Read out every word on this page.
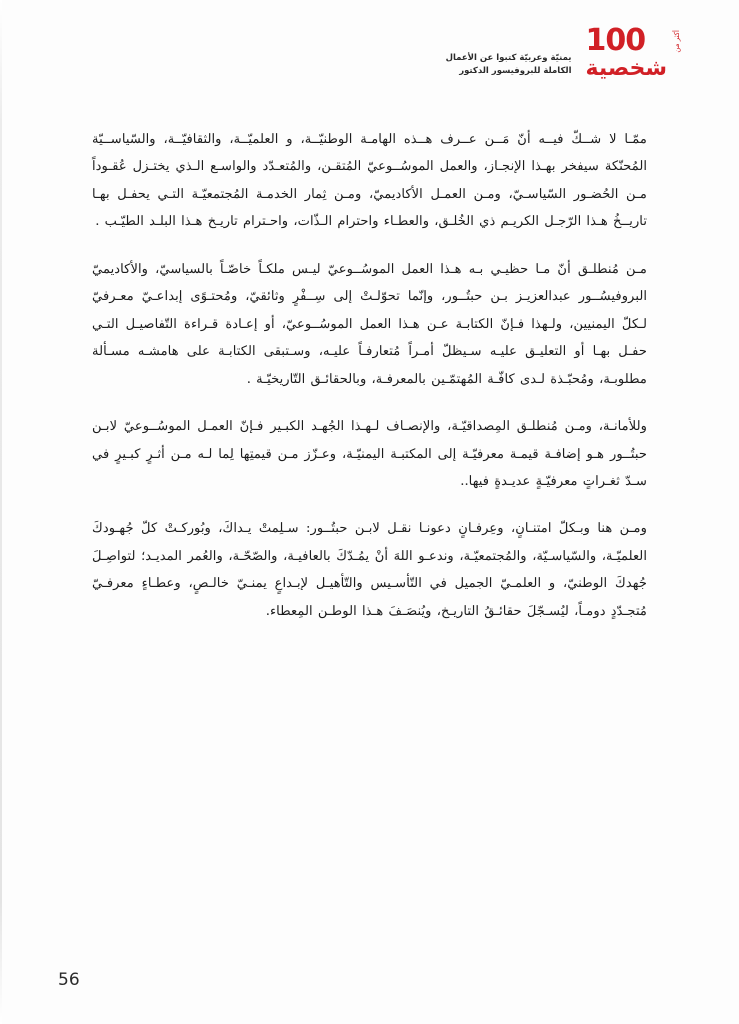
100
شخصية
أكثر من
يمنيّة وعربيّة كتبوا عن الأعمال
الكاملة للبروفيسور الدكتور

ممّـا لا شــكّ فيــه أنّ مَــن عــرف هــذه الهامـة الوطنيّــة، و العلميّــة، والثقافيّــة، والسّياســيّة المُحنّكة سيفخر بهـذا الإنجـاز، والعمل الموسُــوعيّ المُتقـن، والمُتعـدّد والواسـع الـذي يختـزل عُقـوداً مـن الحُضـور السّياسـيّ، ومـن العمـل الأكاديميّ، ومـن ثِمار الخدمـة المُجتمعيّـة التـي يحفـل بهـا تاريــخُ هـذا الرّجـل الكريـم ذي الخُلـق، والعطـاء واحترام الـذّات، واحـترام تاريـخ هـذا البلـد الطيّـب .

مـن مُنطلـق أنّ مـا حظيـي بـه هـذا العمل الموسُــوعيّ ليـس ملكـاً خاصّـاً بالسياسيّ، والأكاديميّ البروفيسُــور عبدالعزيـز بـن حبتُــور، وإنّما تحوّلـتْ إلى سِــفْرٍ وثائقيّ، ومُحتـوًى إبداعـيّ معـرفيّ لـكلّ اليمنيين، ولـهذا فـإنّ الكتابـة عـن هـذا العمل الموسُــوعيّ، أو إعـادة قـراءة التّفاصيـل التـي حفـل بهـا أو التعليـق عليـه سـيظلّ أمـراً مُتعارفـاً عليـه، وسـتبقى الكتابـة على هامشـه مسـألة مطلوبـة، ومُحبّـذة لـدى كافّـة المُهتمّـين بالمعرفـة، وبالحقائـق التّاريخيّـة .

وللأمانـة، ومـن مُنطلـق المِصداقيّـة، والإنصـاف لـهـذا الجُهـد الكبـير فـإنّ العمـل الموسُــوعيّ لابـن حبتُــور هـو إضافـة قيمـة معرفيّـة إلى المكتبـة اليمنيّـة، وعـزّز مـن قيمتِها لِما لـه مـن أثـرٍ كبـيرٍ في سـدّ ثغـراتٍ معرفيّـةٍ عديـدةٍ فيها..

ومـن هنا وبـكلّ امتنـانٍ، وعِرفـانٍ دعونـا نقـل لابـن حبتُــور: سـلِمتْ يـداكَ، وبُوركـتْ كلّ جُهـودكَ العلميّـة، والسّياسـيّة، والمُجتمعيّـة، وندعـو اللهَ أنْ يمُـدّكَ بالعافيـة، والصّحّـة، والعُمر المديـد؛ لتواصِـلَ جُهدكَ الوطنيّ، و العلمـيّ الجميل في التّأسـيس والتّأهيـل لإبـداعٍ يمنـيّ خالـصٍ، وعطـاءٍ معرفـيّ مُتجـدّدٍ دومـاً، ليُسـجّلَ حقائـقُ التاريـخ، ويُنصَـفَ هـذا الوطـن المِعطاء.

56
